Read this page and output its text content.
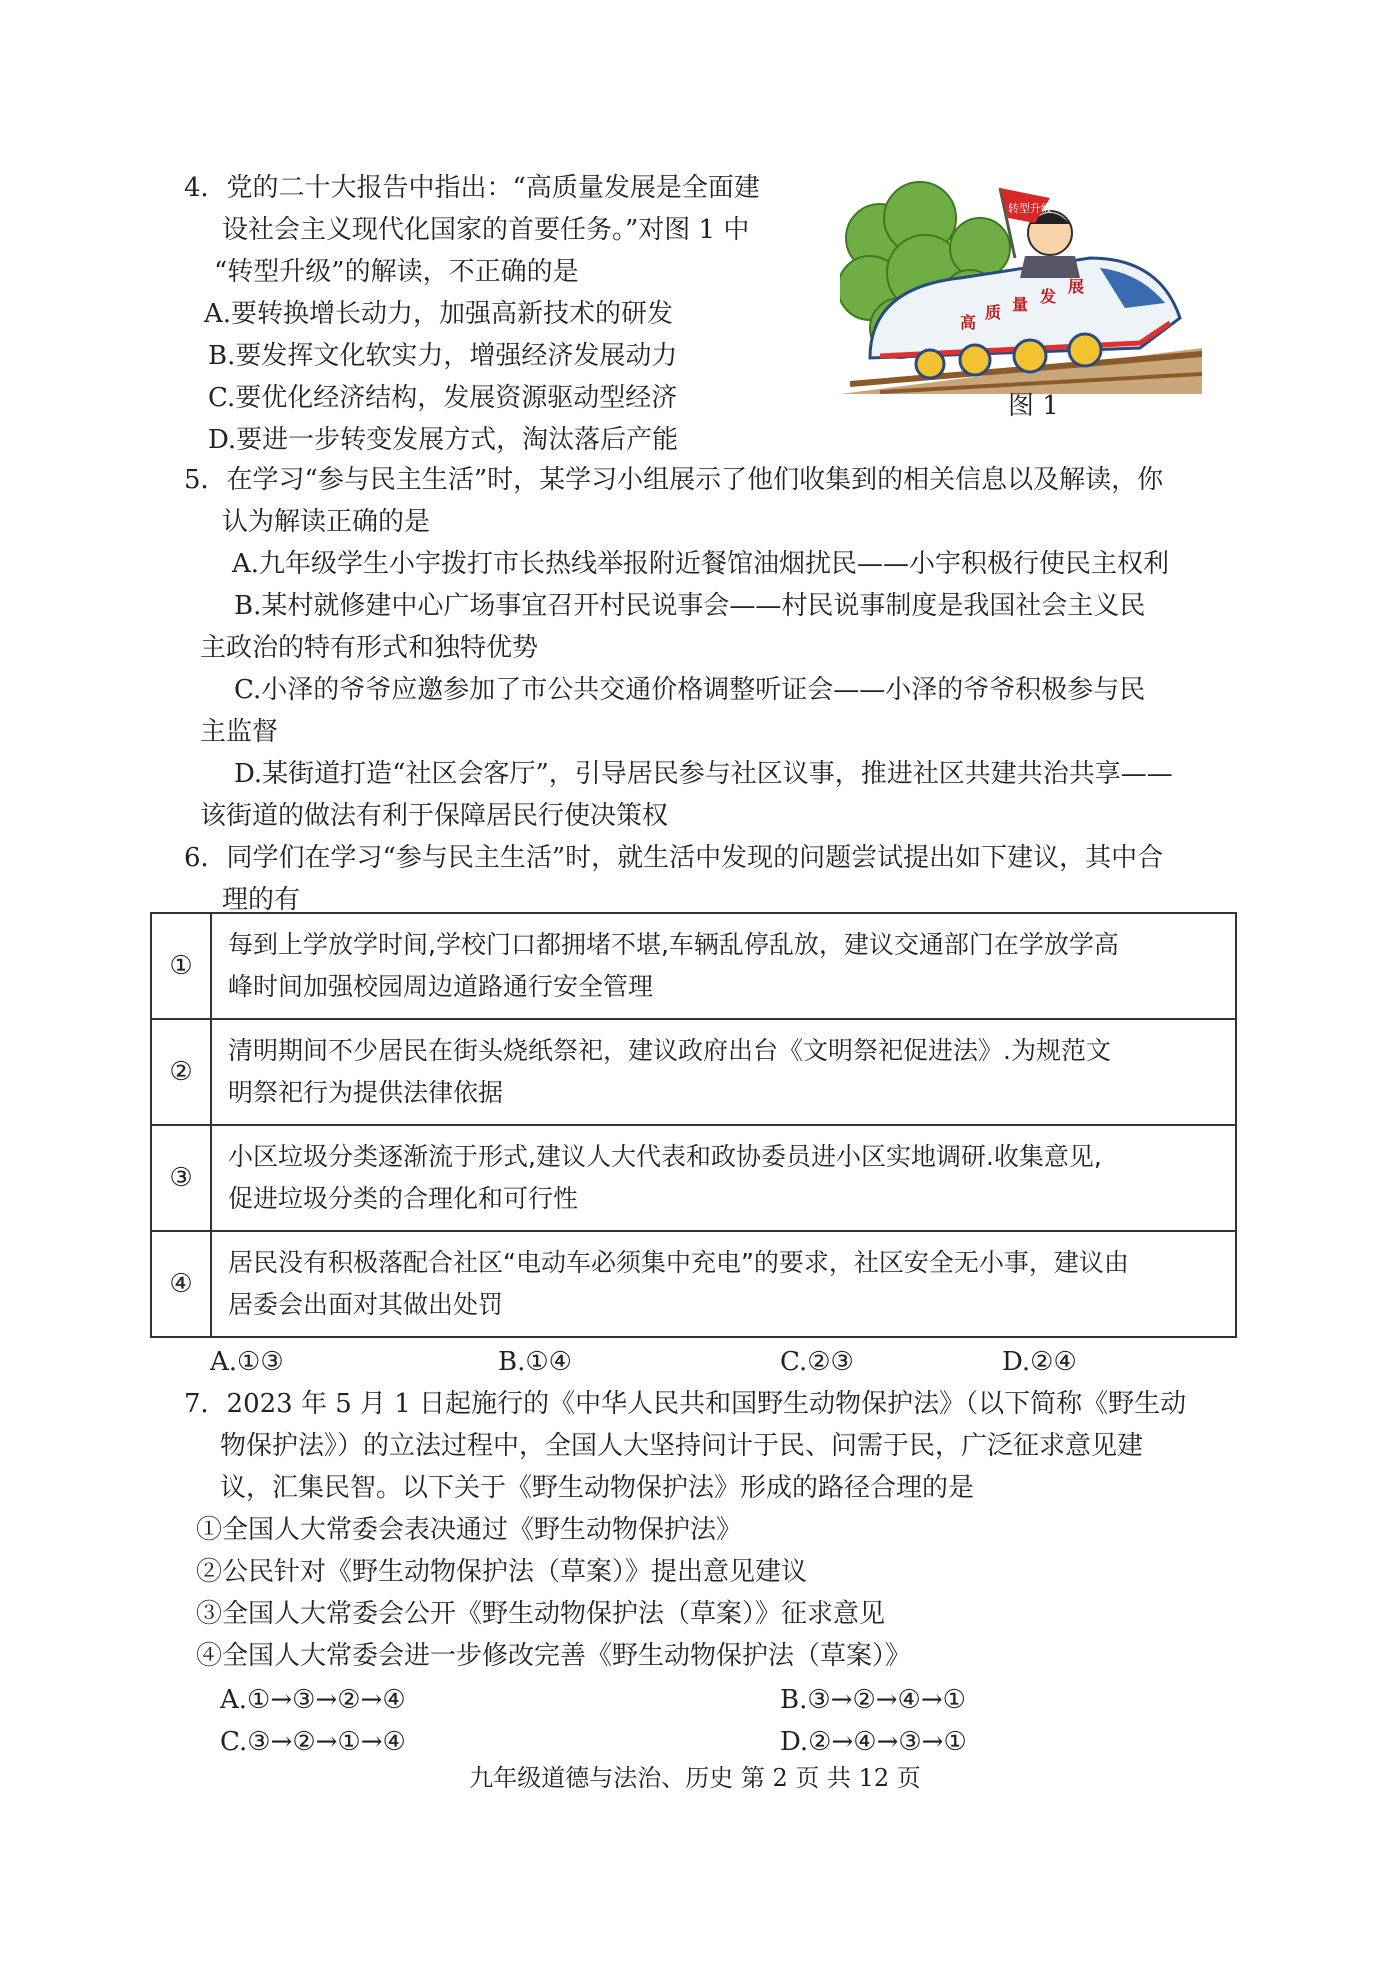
4．党的二十大报告中指出：“高质量发展是全面建
设社会主义现代化国家的首要任务。”对图 1 中
“转型升级”的解读，不正确的是
A.要转换增长动力，加强高新技术的研发
B.要发挥文化软实力，增强经济发展动力
C.要优化经济结构，发展资源驱动型经济
D.要进一步转变发展方式，淘汰落后产能
转型升级
高
质 量 发
展
图 1
5．在学习“参与民主生活”时，某学习小组展示了他们收集到的相关信息以及解读，你
认为解读正确的是
A.九年级学生小宇拨打市长热线举报附近餐馆油烟扰民——小宇积极行使民主权利
B.某村就修建中心广场事宜召开村民说事会——村民说事制度是我国社会主义民
主政治的特有形式和独特优势
C.小泽的爷爷应邀参加了市公共交通价格调整听证会——小泽的爷爷积极参与民
主监督
D.某街道打造“社区会客厅”，引导居民参与社区议事，推进社区共建共治共享——
该街道的做法有利于保障居民行使决策权
6．同学们在学习“参与民主生活”时，就生活中发现的问题尝试提出如下建议，其中合
理的有
①	每到上学放学时间,学校门口都拥堵不堪,车辆乱停乱放，建议交通部门在学放学高
峰时间加强校园周边道路通行安全管理

②	清明期间不少居民在街头烧纸祭祀，建议政府出台《文明祭祀促进法》.为规范文
明祭祀行为提供法律依据

③	小区垃圾分类逐渐流于形式,建议人大代表和政协委员进小区实地调研.收集意见,
促进垃圾分类的合理化和可行性

④	居民没有积极落配合社区“电动车必须集中充电”的要求，社区安全无小事，建议由
居委会出面对其做出处罚
A.①③	B.①④	C.②③	D.②④
7．2023 年 5 月 1 日起施行的《中华人民共和国野生动物保护法》（以下简称《野生动
物保护法》）的立法过程中，全国人大坚持问计于民、问需于民，广泛征求意见建
议，汇集民智。以下关于《野生动物保护法》形成的路径合理的是
①全国人大常委会表决通过《野生动物保护法》
②公民针对《野生动物保护法（草案）》提出意见建议
③全国人大常委会公开《野生动物保护法（草案）》征求意见
④全国人大常委会进一步修改完善《野生动物保护法（草案）》
A.①→③→②→④	B.③→②→④→①
C.③→②→①→④	D.②→④→③→①
九年级道德与法治、历史 第 2 页 共 12 页
